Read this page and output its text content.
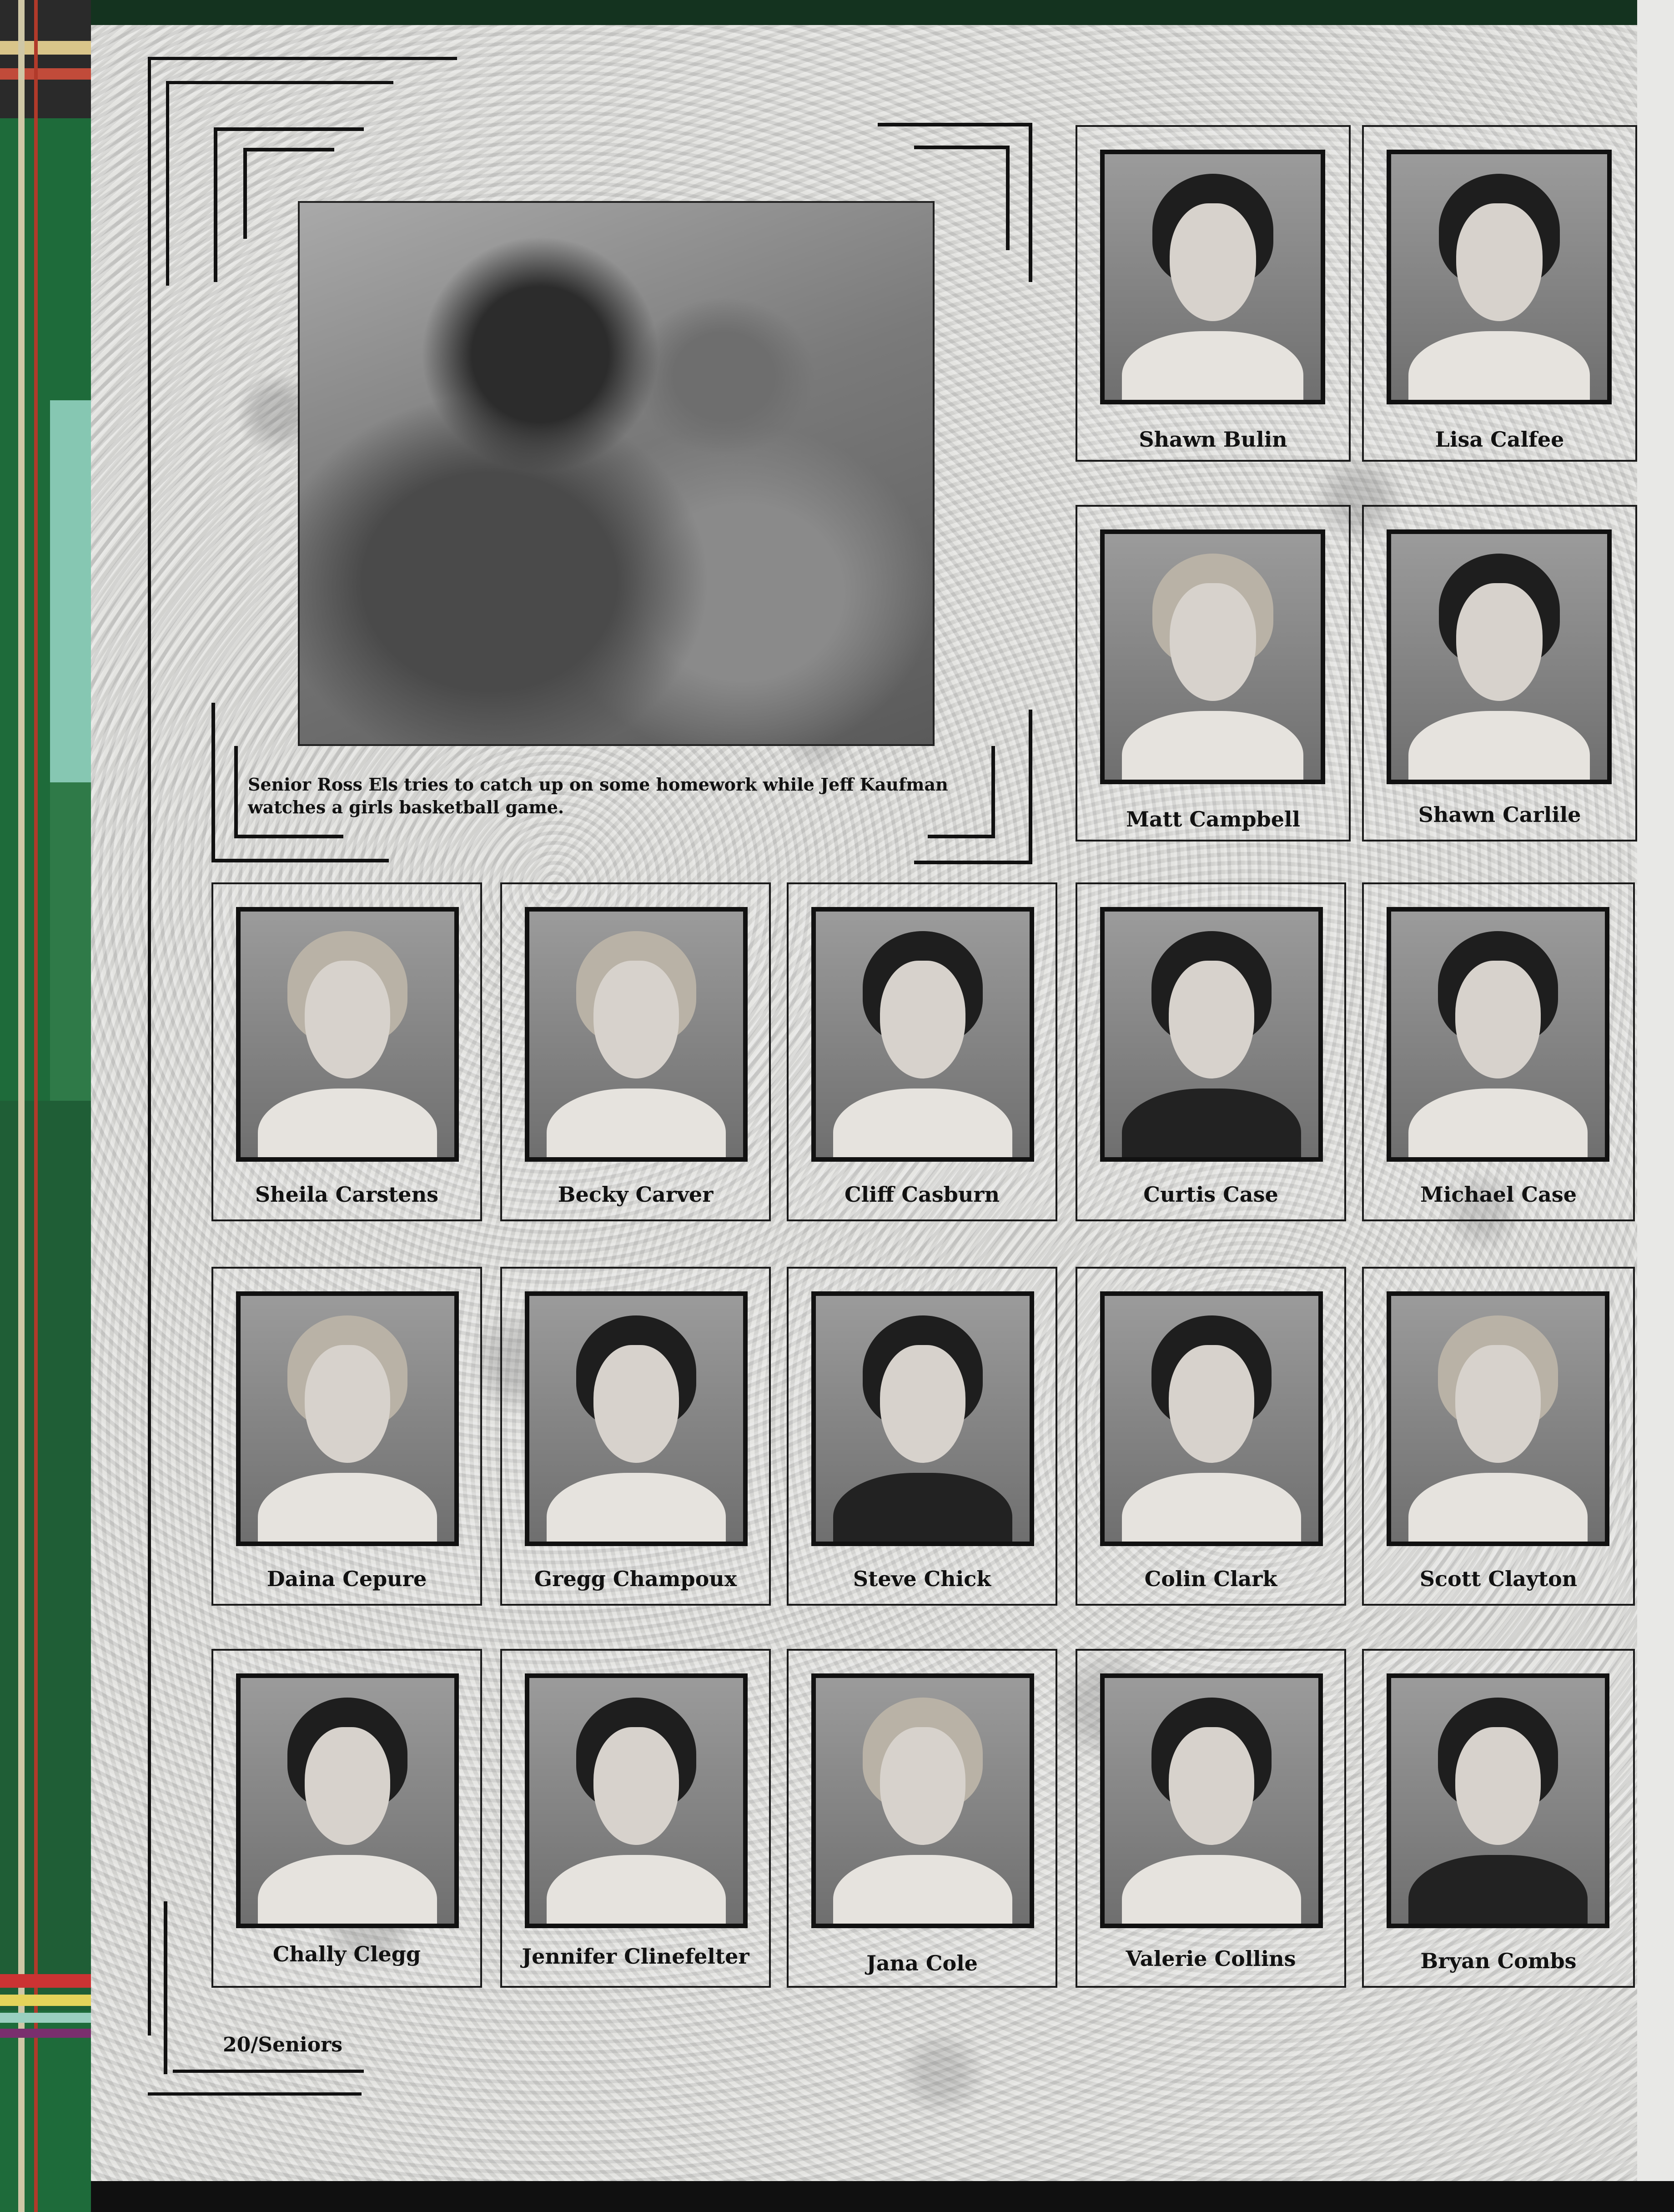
Senior Ross Els tries to catch up on some homework while Jeff Kaufman watches a girls basketball game.
Shawn Bulin	Lisa Calfee
Matt Campbell	Shawn Carlile
Sheila Carstens	Becky Carver	Cliff Casburn	Curtis Case	Michael Case
Daina Cepure	Gregg Champoux	Steve Chick	Colin Clark	Scott Clayton
Chally Clegg	Jennifer Clinefelter	Jana Cole	Valerie Collins	Bryan Combs
20/Seniors
